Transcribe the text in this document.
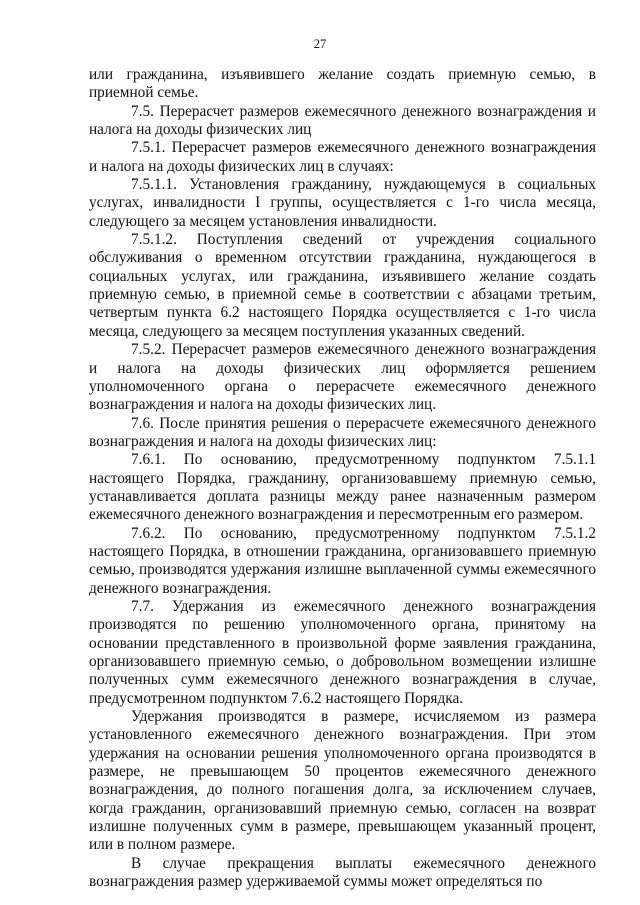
27

или гражданина, изъявившего желание создать приемную семью, в приемной семье.

7.5. Перерасчет размеров ежемесячного денежного вознаграждения и налога на доходы физических лиц

7.5.1. Перерасчет размеров ежемесячного денежного вознаграждения и налога на доходы физических лиц в случаях:

7.5.1.1. Установления гражданину, нуждающемуся в социальных услугах, инвалидности I группы, осуществляется с 1-го числа месяца, следующего за месяцем установления инвалидности.

7.5.1.2. Поступления сведений от учреждения социального обслуживания о временном отсутствии гражданина, нуждающегося в социальных услугах, или гражданина, изъявившего желание создать приемную семью, в приемной семье в соответствии с абзацами третьим, четвертым пункта 6.2 настоящего Порядка осуществляется с 1-го числа месяца, следующего за месяцем поступления указанных сведений.

7.5.2. Перерасчет размеров ежемесячного денежного вознаграждения и налога на доходы физических лиц оформляется решением уполномоченного органа о перерасчете ежемесячного денежного вознаграждения и налога на доходы физических лиц.

7.6. После принятия решения о перерасчете ежемесячного денежного вознаграждения и налога на доходы физических лиц:

7.6.1. По основанию, предусмотренному подпунктом 7.5.1.1 настоящего Порядка, гражданину, организовавшему приемную семью, устанавливается доплата разницы между ранее назначенным размером ежемесячного денежного вознаграждения и пересмотренным его размером.

7.6.2. По основанию, предусмотренному подпунктом 7.5.1.2 настоящего Порядка, в отношении гражданина, организовавшего приемную семью, производятся удержания излишне выплаченной суммы ежемесячного денежного вознаграждения.

7.7. Удержания из ежемесячного денежного вознаграждения производятся по решению уполномоченного органа, принятому на основании представленного в произвольной форме заявления гражданина, организовавшего приемную семью, о добровольном возмещении излишне полученных сумм ежемесячного денежного вознаграждения в случае, предусмотренном подпунктом 7.6.2 настоящего Порядка.

Удержания производятся в размере, исчисляемом из размера установленного ежемесячного денежного вознаграждения. При этом удержания на основании решения уполномоченного органа производятся в размере, не превышающем 50 процентов ежемесячного денежного вознаграждения, до полного погашения долга, за исключением случаев, когда гражданин, организовавший приемную семью, согласен на возврат излишне полученных сумм в размере, превышающем указанный процент, или в полном размере.

В случае прекращения выплаты ежемесячного денежного вознаграждения размер удерживаемой суммы может определяться по
